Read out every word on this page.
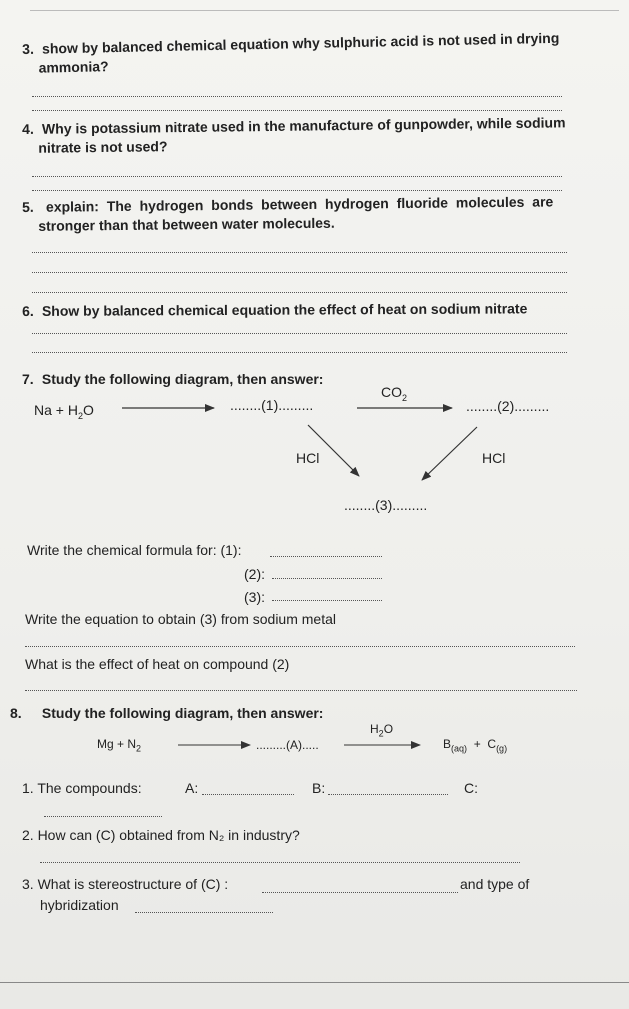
3. show by balanced chemical equation why sulphuric acid is not used in drying
ammonia?
4. Why is potassium nitrate used in the manufacture of gunpowder, while sodium
nitrate is not used?
5. explain: The hydrogen bonds between hydrogen fluoride molecules are
stronger than that between water molecules.
6. Show by balanced chemical equation the effect of heat on sodium nitrate
7. Study the following diagram, then answer:
$Na + H_2O$	........(1).........
$CO_2$
........(2).........
HCl	HCl
........(3).........
Write the chemical formula for: (1):
(2):
(3):
Write the equation to obtain (3) from sodium metal
What is the effect of heat on compound (2)
8. Study the following diagram, then answer:
$Mg + N_2$	.........(A).....
$H_2O$
$B_{(aq)} + C_{(g)}$
1. The compounds:	A:	B:	C:
2. How can (C) obtained from N₂ in industry?
3. What is stereostructure of (C) :	and type of
hybridization
